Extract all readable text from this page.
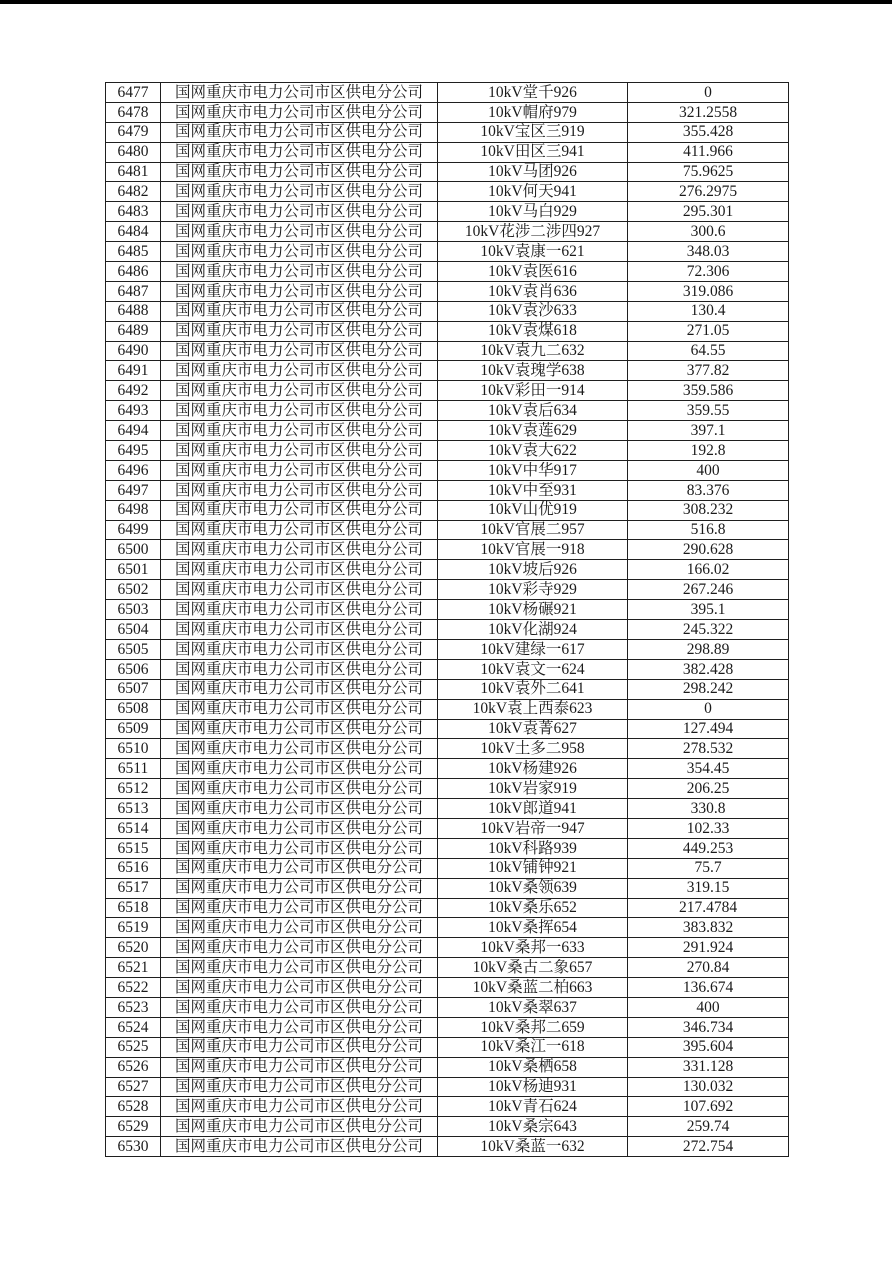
6477	国网重庆市电力公司市区供电分公司	10kV堂千926	0
6478	国网重庆市电力公司市区供电分公司	10kV帽府979	321.2558
6479	国网重庆市电力公司市区供电分公司	10kV宝区三919	355.428
6480	国网重庆市电力公司市区供电分公司	10kV田区三941	411.966
6481	国网重庆市电力公司市区供电分公司	10kV马团926	75.9625
6482	国网重庆市电力公司市区供电分公司	10kV何天941	276.2975
6483	国网重庆市电力公司市区供电分公司	10kV马白929	295.301
6484	国网重庆市电力公司市区供电分公司	10kV花涉二涉四927	300.6
6485	国网重庆市电力公司市区供电分公司	10kV袁康一621	348.03
6486	国网重庆市电力公司市区供电分公司	10kV袁医616	72.306
6487	国网重庆市电力公司市区供电分公司	10kV袁肖636	319.086
6488	国网重庆市电力公司市区供电分公司	10kV袁沙633	130.4
6489	国网重庆市电力公司市区供电分公司	10kV袁煤618	271.05
6490	国网重庆市电力公司市区供电分公司	10kV袁九二632	64.55
6491	国网重庆市电力公司市区供电分公司	10kV袁瑰学638	377.82
6492	国网重庆市电力公司市区供电分公司	10kV彩田一914	359.586
6493	国网重庆市电力公司市区供电分公司	10kV袁后634	359.55
6494	国网重庆市电力公司市区供电分公司	10kV袁莲629	397.1
6495	国网重庆市电力公司市区供电分公司	10kV袁大622	192.8
6496	国网重庆市电力公司市区供电分公司	10kV中华917	400
6497	国网重庆市电力公司市区供电分公司	10kV中至931	83.376
6498	国网重庆市电力公司市区供电分公司	10kV山优919	308.232
6499	国网重庆市电力公司市区供电分公司	10kV官展二957	516.8
6500	国网重庆市电力公司市区供电分公司	10kV官展一918	290.628
6501	国网重庆市电力公司市区供电分公司	10kV坡后926	166.02
6502	国网重庆市电力公司市区供电分公司	10kV彩寺929	267.246
6503	国网重庆市电力公司市区供电分公司	10kV杨碾921	395.1
6504	国网重庆市电力公司市区供电分公司	10kV化湖924	245.322
6505	国网重庆市电力公司市区供电分公司	10kV建绿一617	298.89
6506	国网重庆市电力公司市区供电分公司	10kV袁文一624	382.428
6507	国网重庆市电力公司市区供电分公司	10kV袁外二641	298.242
6508	国网重庆市电力公司市区供电分公司	10kV袁上西泰623	0
6509	国网重庆市电力公司市区供电分公司	10kV袁菁627	127.494
6510	国网重庆市电力公司市区供电分公司	10kV土多二958	278.532
6511	国网重庆市电力公司市区供电分公司	10kV杨建926	354.45
6512	国网重庆市电力公司市区供电分公司	10kV岩家919	206.25
6513	国网重庆市电力公司市区供电分公司	10kV郎道941	330.8
6514	国网重庆市电力公司市区供电分公司	10kV岩帝一947	102.33
6515	国网重庆市电力公司市区供电分公司	10kV科路939	449.253
6516	国网重庆市电力公司市区供电分公司	10kV铺钟921	75.7
6517	国网重庆市电力公司市区供电分公司	10kV桑领639	319.15
6518	国网重庆市电力公司市区供电分公司	10kV桑乐652	217.4784
6519	国网重庆市电力公司市区供电分公司	10kV桑挥654	383.832
6520	国网重庆市电力公司市区供电分公司	10kV桑邦一633	291.924
6521	国网重庆市电力公司市区供电分公司	10kV桑古二象657	270.84
6522	国网重庆市电力公司市区供电分公司	10kV桑蓝二柏663	136.674
6523	国网重庆市电力公司市区供电分公司	10kV桑翠637	400
6524	国网重庆市电力公司市区供电分公司	10kV桑邦二659	346.734
6525	国网重庆市电力公司市区供电分公司	10kV桑江一618	395.604
6526	国网重庆市电力公司市区供电分公司	10kV桑栖658	331.128
6527	国网重庆市电力公司市区供电分公司	10kV杨迪931	130.032
6528	国网重庆市电力公司市区供电分公司	10kV青石624	107.692
6529	国网重庆市电力公司市区供电分公司	10kV桑宗643	259.74
6530	国网重庆市电力公司市区供电分公司	10kV桑蓝一632	272.754
